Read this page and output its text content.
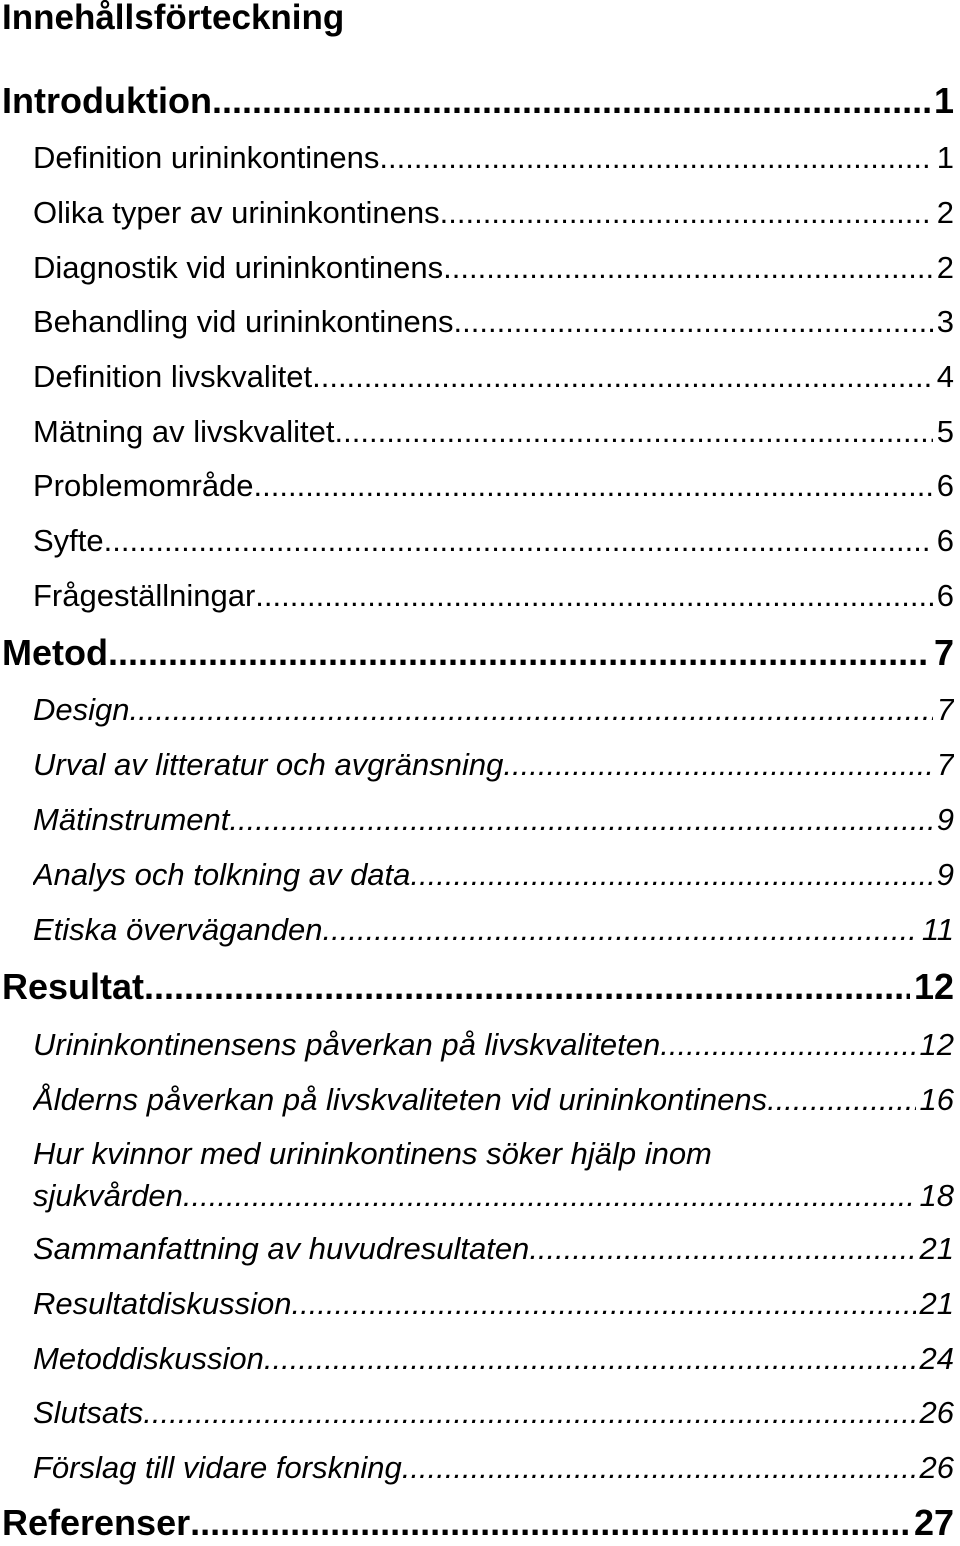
Innehållsförteckning
Introduktion .....	1
Definition urininkontinens .....	1
Olika typer av urininkontinens .....	2
Diagnostik vid urininkontinens .....	2
Behandling vid urininkontinens .....	3
Definition livskvalitet .....	4
Mätning av livskvalitet .....	5
Problemområde .....	6
Syfte .....	6
Frågeställningar .....	6
Metod .....	7
Design .....	7
Urval av litteratur och avgränsning .....	7
Mätinstrument .....	9
Analys och tolkning av data .....	9
Etiska överväganden .....	11
Resultat .....	12
Urininkontinensens påverkan på livskvaliteten .....	12
Ålderns påverkan på livskvaliteten vid urininkontinens .....	16
Hur kvinnor med urininkontinens söker hjälp inom
sjukvården .....	18
Sammanfattning av huvudresultaten .....	21
Resultatdiskussion .....	21
Metoddiskussion .....	24
Slutsats .....	26
Förslag till vidare forskning .....	26
Referenser .....	27
